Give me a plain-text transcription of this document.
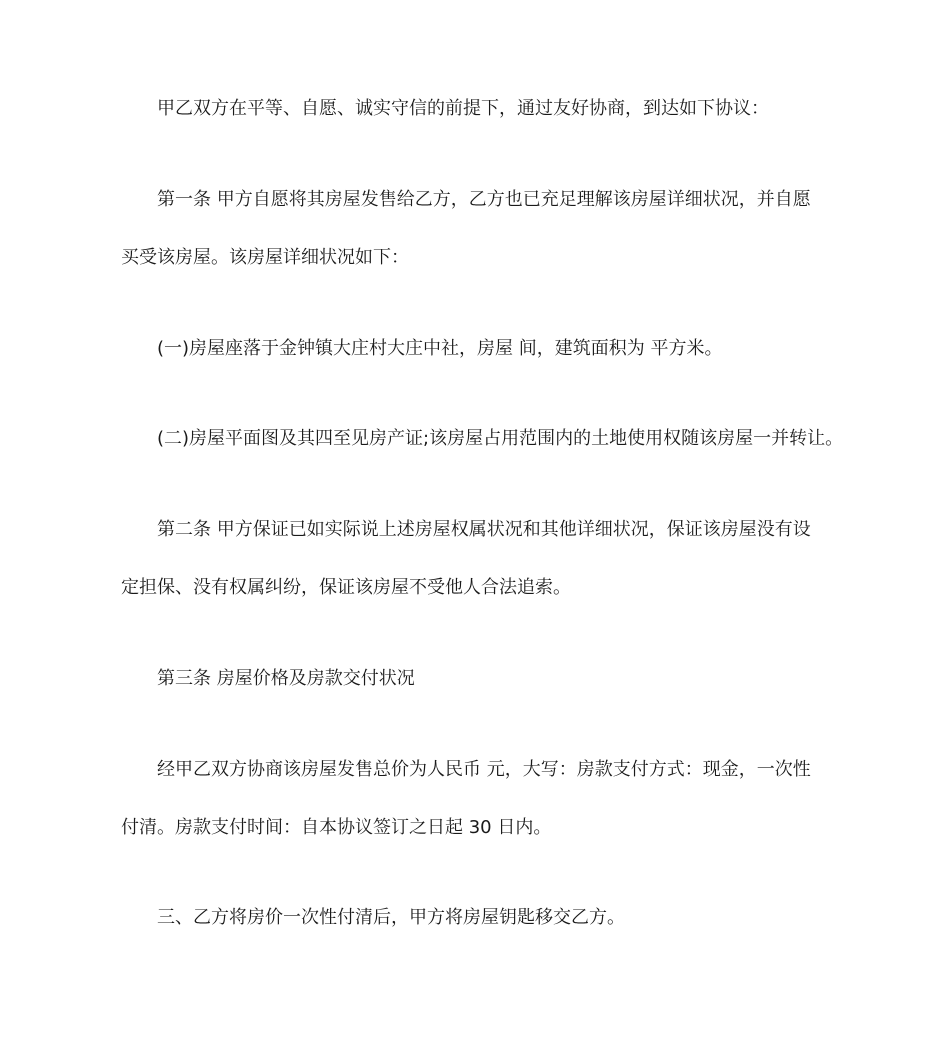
甲乙双方在平等、自愿、诚实守信的前提下，通过友好协商，到达如下协议：
第一条 甲方自愿将其房屋发售给乙方，乙方也已充足理解该房屋详细状况，并自愿
买受该房屋。该房屋详细状况如下：
(一)房屋座落于金钟镇大庄村大庄中社，房屋 间，建筑面积为 平方米。
(二)房屋平面图及其四至见房产证;该房屋占用范围内的土地使用权随该房屋一并转让。
第二条 甲方保证已如实际说上述房屋权属状况和其他详细状况，保证该房屋没有设
定担保、没有权属纠纷，保证该房屋不受他人合法追索。
第三条 房屋价格及房款交付状况
经甲乙双方协商该房屋发售总价为人民币 元，大写：房款支付方式：现金，一次性
付清。房款支付时间：自本协议签订之日起 30 日内。
三、乙方将房价一次性付清后，甲方将房屋钥匙移交乙方。
